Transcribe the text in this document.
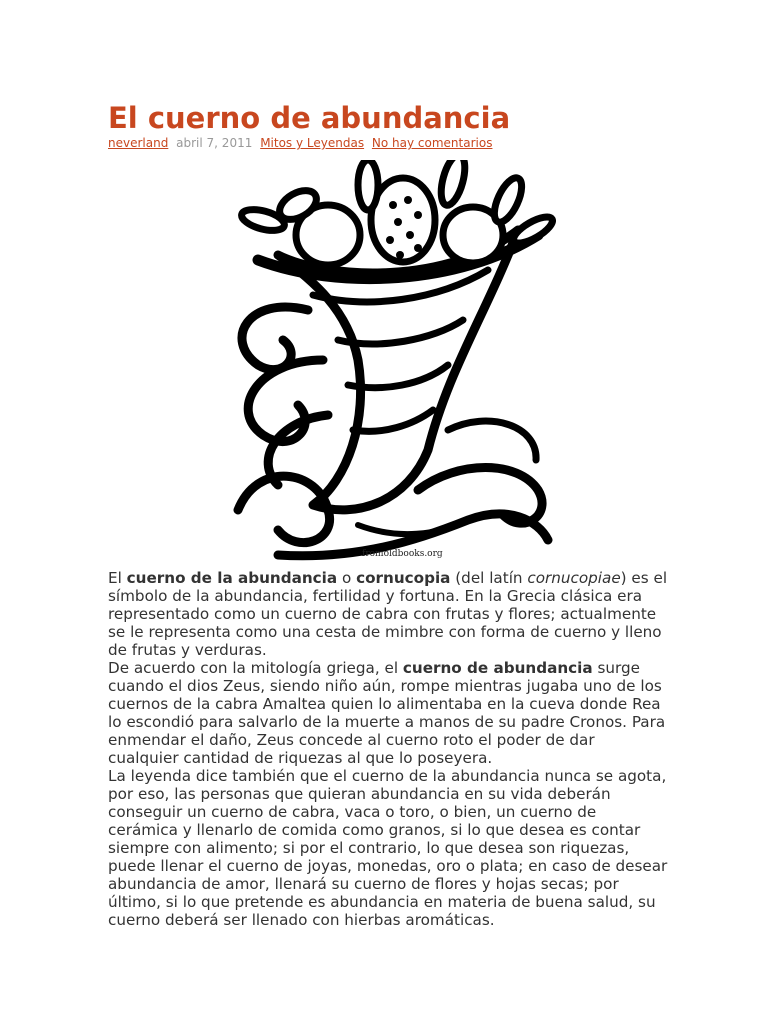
El cuerno de abundancia
neverland abril 7, 2011 Mitos y Leyendas No hay comentarios
fromoldbooks.org

El cuerno de la abundancia o cornucopia (del latín cornucopiae) es el símbolo de la abundancia, fertilidad y fortuna. En la Grecia clásica era representado como un cuerno de cabra con frutas y flores; actualmente se le representa como una cesta de mimbre con forma de cuerno y lleno de frutas y verduras.

De acuerdo con la mitología griega, el cuerno de abundancia surge cuando el dios Zeus, siendo niño aún, rompe mientras jugaba uno de los cuernos de la cabra Amaltea quien lo alimentaba en la cueva donde Rea lo escondió para salvarlo de la muerte a manos de su padre Cronos. Para enmendar el daño, Zeus concede al cuerno roto el poder de dar cualquier cantidad de riquezas al que lo poseyera.

La leyenda dice también que el cuerno de la abundancia nunca se agota, por eso, las personas que quieran abundancia en su vida deberán conseguir un cuerno de cabra, vaca o toro, o bien, un cuerno de cerámica y llenarlo de comida como granos, si lo que desea es contar siempre con alimento; si por el contrario, lo que desea son riquezas, puede llenar el cuerno de joyas, monedas, oro o plata; en caso de desear abundancia de amor, llenará su cuerno de flores y hojas secas; por último, si lo que pretende es abundancia en materia de buena salud, su cuerno deberá ser llenado con hierbas aromáticas.
